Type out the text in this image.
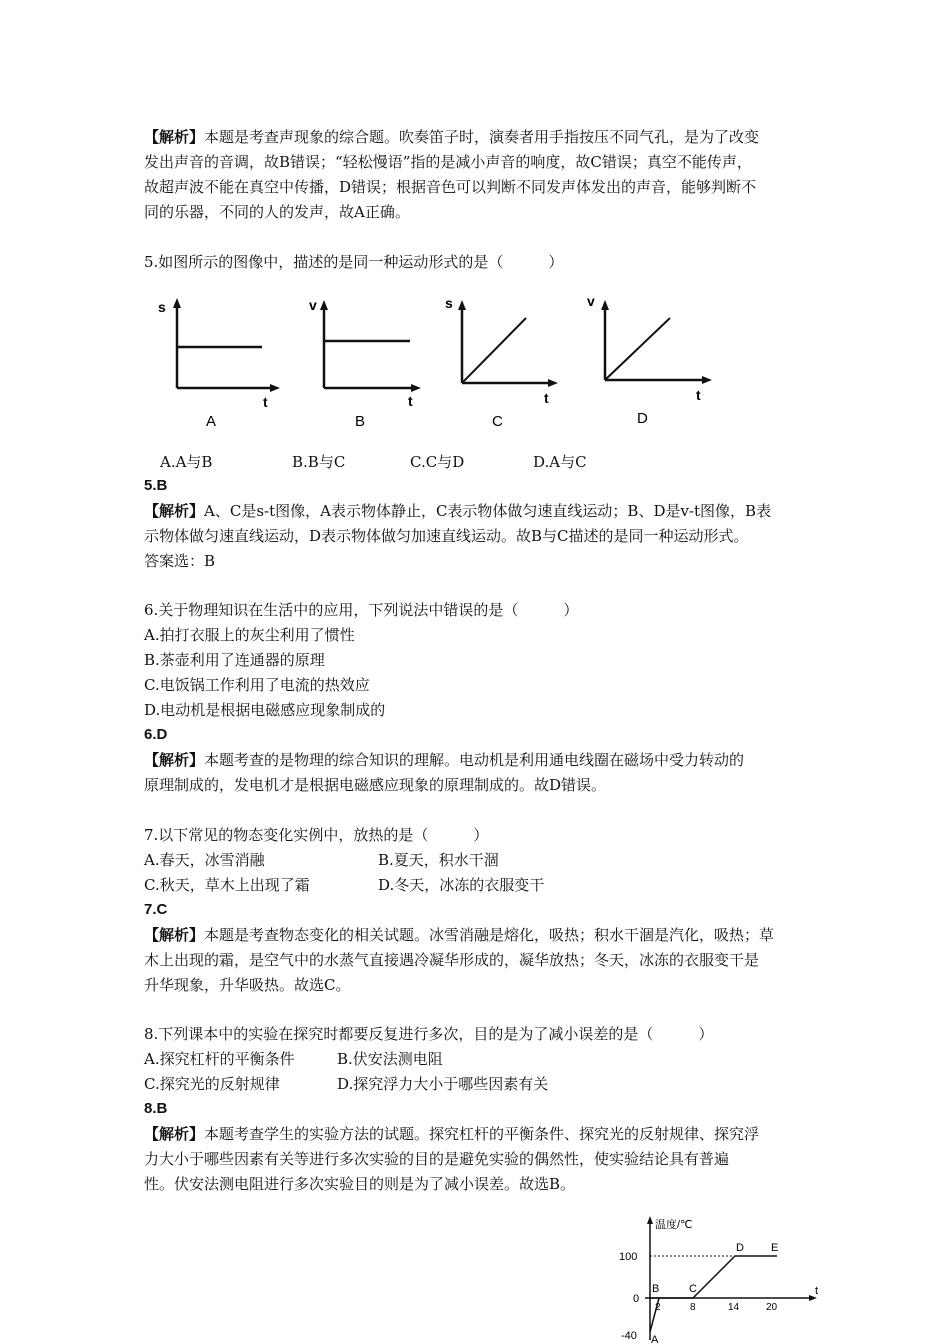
【解析】本题是考查声现象的综合题。吹奏笛子时，演奏者用手指按压不同气孔，是为了改变
发出声音的音调，故B错误；“轻松慢语”指的是减小声音的响度，故C错误；真空不能传声，
故超声波不能在真空中传播，D错误；根据音色可以判断不同发声体发出的声音，能够判断不
同的乐器，不同的人的发声，故A正确。
5.如图所示的图像中，描述的是同一种运动形式的是（　　　）
s
t
A
v
t
B
s
t
C
v
t
D
A.A与B	B.B与C	C.C与D	D.A与C
5.B
【解析】A、C是s-t图像，A表示物体静止，C表示物体做匀速直线运动；B、D是v-t图像，B表
示物体做匀速直线运动，D表示物体做匀加速直线运动。故B与C描述的是同一种运动形式。
答案选：B
6.关于物理知识在生活中的应用，下列说法中错误的是（　　　）
A.拍打衣服上的灰尘利用了惯性
B.茶壶利用了连通器的原理
C.电饭锅工作利用了电流的热效应
D.电动机是根据电磁感应现象制成的
6.D
【解析】本题考查的是物理的综合知识的理解。电动机是利用通电线圈在磁场中受力转动的
原理制成的，发电机才是根据电磁感应现象的原理制成的。故D错误。
7.以下常见的物态变化实例中，放热的是（　　　）
A.春天，冰雪消融	B.夏天，积水干涸
C.秋天，草木上出现了霜	D.冬天，冰冻的衣服变干
7.C
【解析】本题是考查物态变化的相关试题。冰雪消融是熔化，吸热；积水干涸是汽化，吸热；草
木上出现的霜，是空气中的水蒸气直接遇冷凝华形成的，凝华放热；冬天，冰冻的衣服变干是
升华现象，升华吸热。故选C。
8.下列课本中的实验在探究时都要反复进行多次，目的是为了减小误差的是（　　　）
A.探究杠杆的平衡条件	B.伏安法测电阻
C.探究光的反射规律	D.探究浮力大小于哪些因素有关
8.B
【解析】本题考查学生的实验方法的试题。探究杠杆的平衡条件、探究光的反射规律、探究浮
力大小于哪些因素有关等进行多次实验的目的是避免实验的偶然性，使实验结论具有普遍
性。伏安法测电阻进行多次实验目的则是为了减小误差。故选B。
温度/℃
t
100
0
-40
2	8	14	20
A
B	C
D E
